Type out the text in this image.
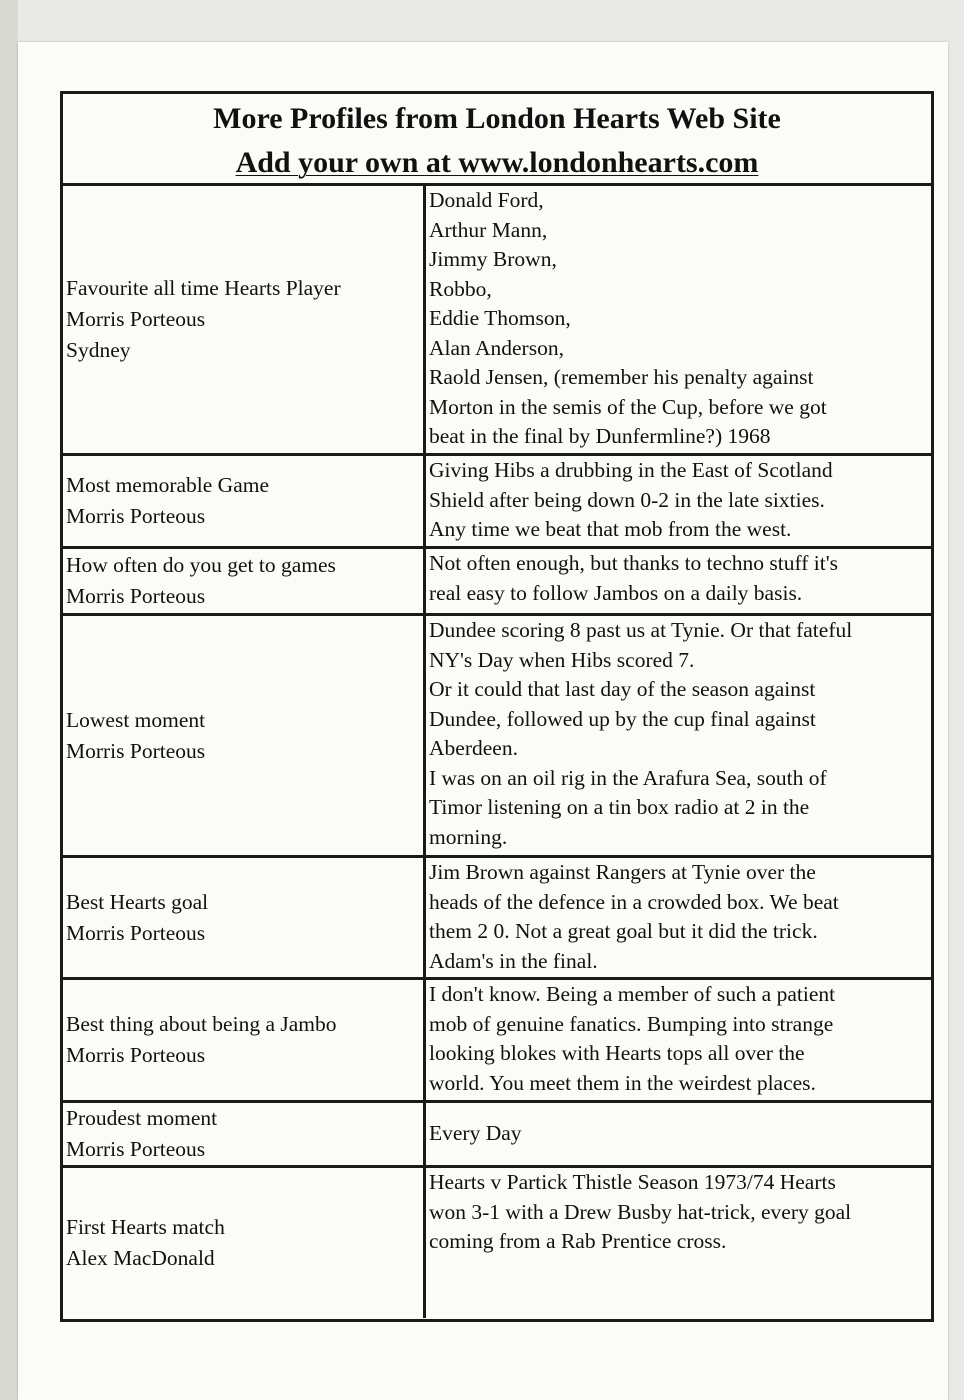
More Profiles from London Hearts Web Site
Add your own at www.londonhearts.com
Favourite all time Hearts Player
Morris Porteous
Sydney
Donald Ford,
Arthur Mann,
Jimmy Brown,
Robbo,
Eddie Thomson,
Alan Anderson,
Raold Jensen, (remember his penalty against
Morton in the semis of the Cup, before we got
beat in the final by Dunfermline?) 1968
Most memorable Game
Morris Porteous
Giving Hibs a drubbing in the East of Scotland
Shield after being down 0-2 in the late sixties.
Any time we beat that mob from the west.
How often do you get to games
Morris Porteous
Not often enough, but thanks to techno stuff it's
real easy to follow Jambos on a daily basis.
Lowest moment
Morris Porteous
Dundee scoring 8 past us at Tynie. Or that fateful
NY's Day when Hibs scored 7.
Or it could that last day of the season against
Dundee, followed up by the cup final against
Aberdeen.
I was on an oil rig in the Arafura Sea, south of
Timor listening on a tin box radio at 2 in the
morning.
Best Hearts goal
Morris Porteous
Jim Brown against Rangers at Tynie over the
heads of the defence in a crowded box. We beat
them 2 0. Not a great goal but it did the trick.
Adam's in the final.
Best thing about being a Jambo
Morris Porteous
I don't know. Being a member of such a patient
mob of genuine fanatics. Bumping into strange
looking blokes with Hearts tops all over the
world. You meet them in the weirdest places.
Proudest moment
Morris Porteous
Every Day
First Hearts match
Alex MacDonald
Hearts v Partick Thistle Season 1973/74 Hearts
won 3-1 with a Drew Busby hat-trick, every goal
coming from a Rab Prentice cross.
